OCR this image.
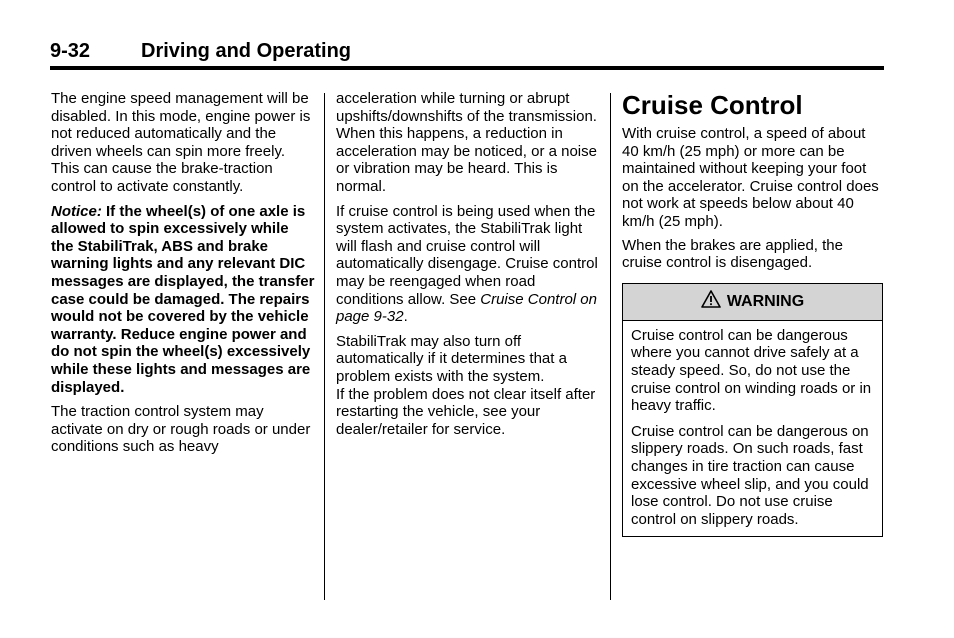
9-32	Driving and Operating

The engine speed management will be disabled. In this mode, engine power is not reduced automatically and the driven wheels can spin more freely. This can cause the brake-traction control to activate constantly.

Notice: If the wheel(s) of one axle is allowed to spin excessively while the StabiliTrak, ABS and brake warning lights and any relevant DIC messages are displayed, the transfer case could be damaged. The repairs would not be covered by the vehicle warranty. Reduce engine power and do not spin the wheel(s) excessively while these lights and messages are displayed.

The traction control system may activate on dry or rough roads or under conditions such as heavy

acceleration while turning or abrupt upshifts/downshifts of the transmission. When this happens, a reduction in acceleration may be noticed, or a noise or vibration may be heard. This is normal.

If cruise control is being used when the system activates, the StabiliTrak light will flash and cruise control will automatically disengage. Cruise control may be reengaged when road conditions allow. See Cruise Control on page 9-32.

StabiliTrak may also turn off automatically if it determines that a problem exists with the system.

If the problem does not clear itself after restarting the vehicle, see your dealer/retailer for service.

Cruise Control

With cruise control, a speed of about 40 km/h (25 mph) or more can be maintained without keeping your foot on the accelerator. Cruise control does not work at speeds below about 40 km/h (25 mph).

When the brakes are applied, the cruise control is disengaged.

WARNING

Cruise control can be dangerous where you cannot drive safely at a steady speed. So, do not use the cruise control on winding roads or in heavy traffic.

Cruise control can be dangerous on slippery roads. On such roads, fast changes in tire traction can cause excessive wheel slip, and you could lose control. Do not use cruise control on slippery roads.
